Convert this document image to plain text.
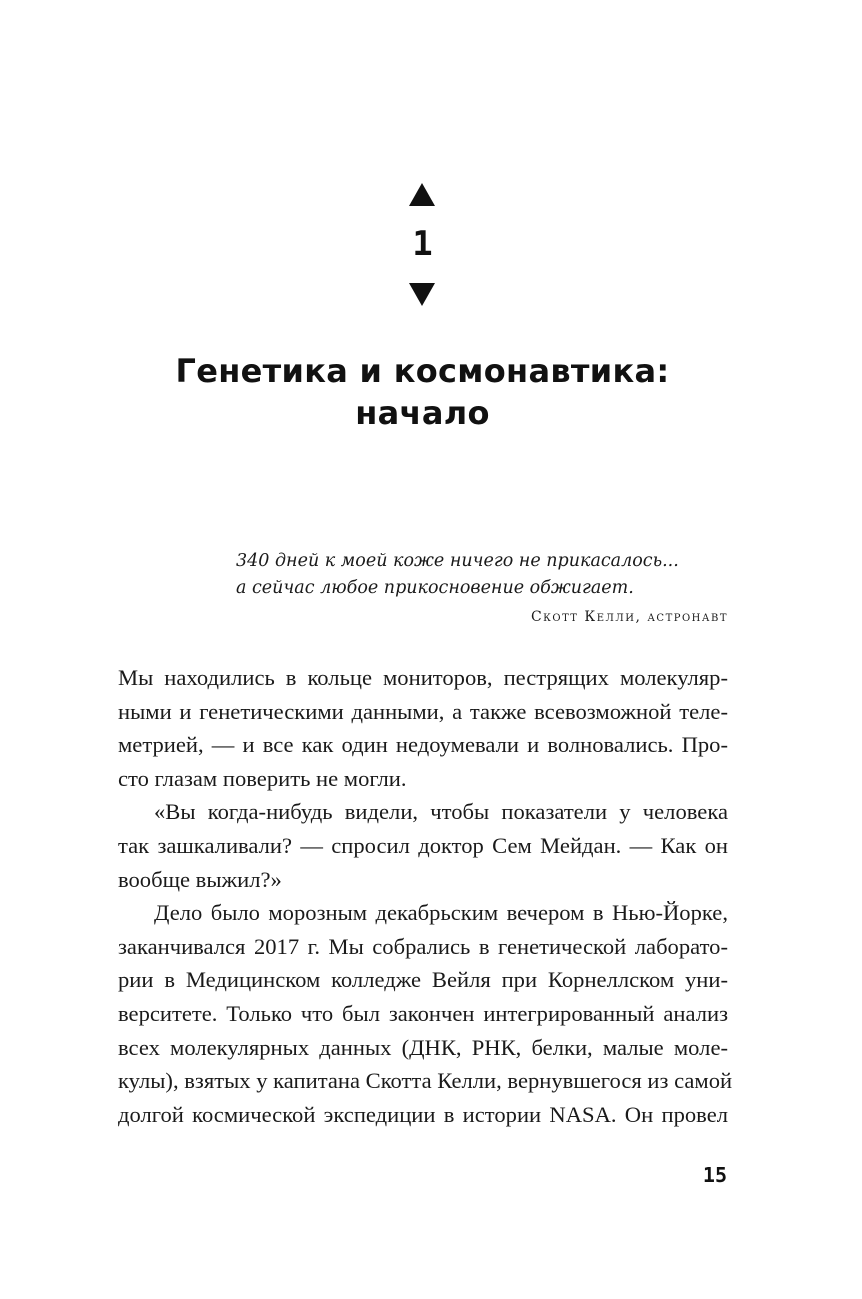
1
Генетика и космонавтика:
начало
340 дней к моей коже ничего не прикасалось...
а сейчас любое прикосновение обжигает.
Скотт Келли, астронавт

Мы находились в кольце мониторов, пестрящих молекуляр-
ными и генетическими данными, а также всевозможной теле-
метрией, — и все как один недоумевали и волновались. Про-
сто глазам поверить не могли.

«Вы когда-нибудь видели, чтобы показатели у человека
так зашкаливали? — спросил доктор Сем Мейдан. — Как он
вообще выжил?»

Дело было морозным декабрьским вечером в Нью-Йорке,
заканчивался 2017 г. Мы собрались в генетической лаборато-
рии в Медицинском колледже Вейля при Корнеллском уни-
верситете. Только что был закончен интегрированный анализ
всех молекулярных данных (ДНК, РНК, белки, малые моле-
кулы), взятых у капитана Скотта Келли, вернувшегося из самой
долгой космической экспедиции в истории NASA. Он провел

15
